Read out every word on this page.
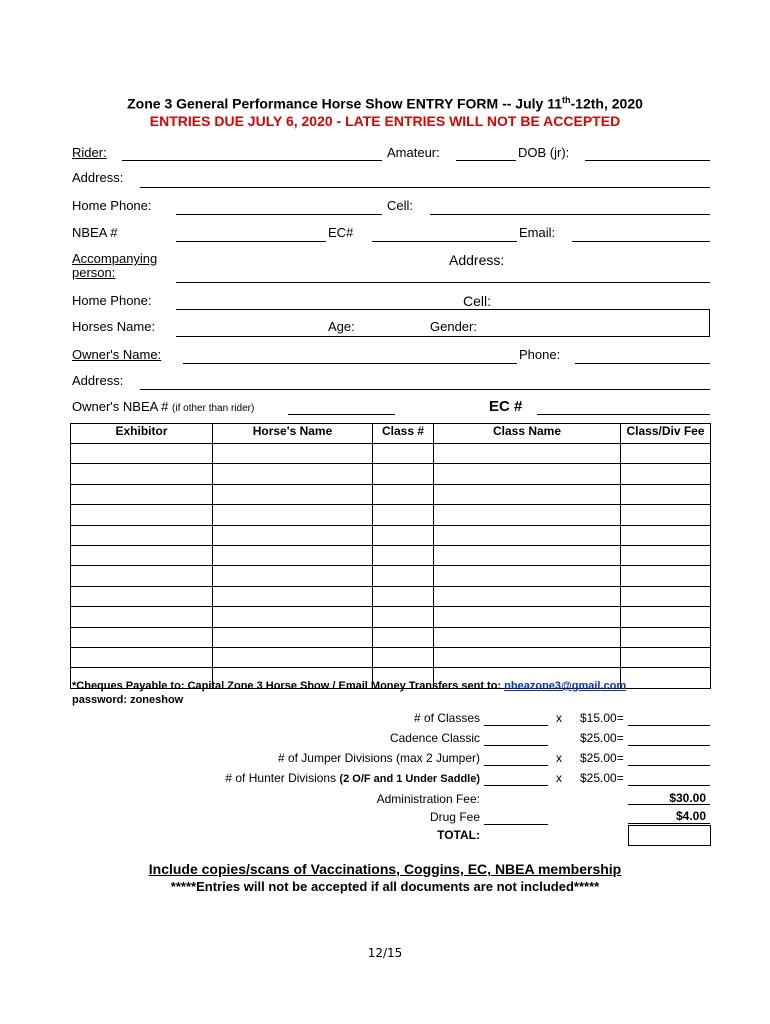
Zone 3 General Performance Horse Show ENTRY FORM -- July 11th-12th, 2020
ENTRIES DUE JULY 6, 2020 - LATE ENTRIES WILL NOT BE ACCEPTED
Rider:	Amateur:	DOB (jr):
Address:
Home Phone:	Cell:
NBEA #	EC#	Email:
Accompanying
person:
Address:
Home Phone:	Cell:
Horses Name:	Age:	Gender:
Owner's Name:	Phone:
Address:
Owner's NBEA # (if other than rider)	EC #
Exhibitor	Horse's Name	Class #	Class Name	Class/Div Fee

*Cheques Payable to: Capital Zone 3 Horse Show / Email Money Transfers sent to: nbeazone3@gmail.com
password: zoneshow
# of Classes	x $15.00=
Cadence Classic	$25.00=
# of Jumper Divisions (max 2 Jumper)	x $25.00=
# of Hunter Divisions (2 O/F and 1 Under Saddle)	x $25.00=
Administration Fee:	$30.00
Drug Fee	$4.00
TOTAL:
Include copies/scans of Vaccinations, Coggins, EC, NBEA membership
*****Entries will not be accepted if all documents are not included*****
12/15
